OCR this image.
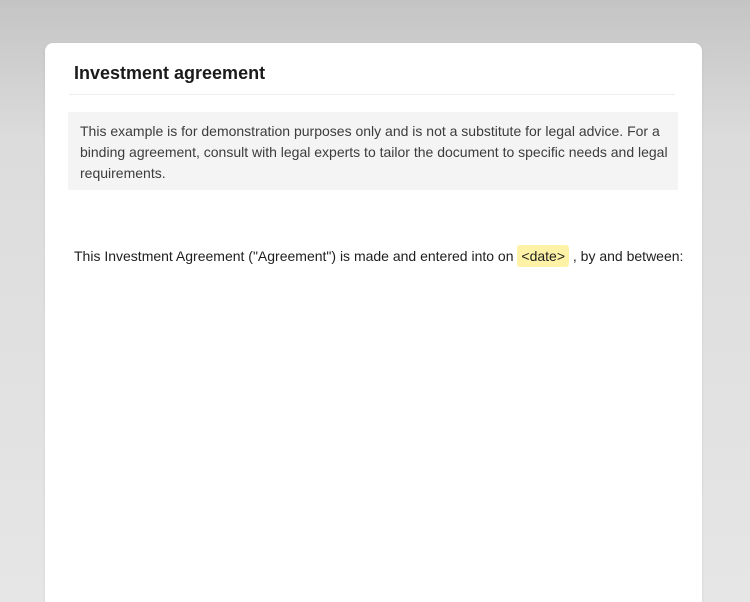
Investment agreement
This example is for demonstration purposes only and is not a substitute for legal advice. For a binding agreement, consult with legal experts to tailor the document to specific needs and legal requirements.
This Investment Agreement ("Agreement") is made and entered into on <date> , by and between:
